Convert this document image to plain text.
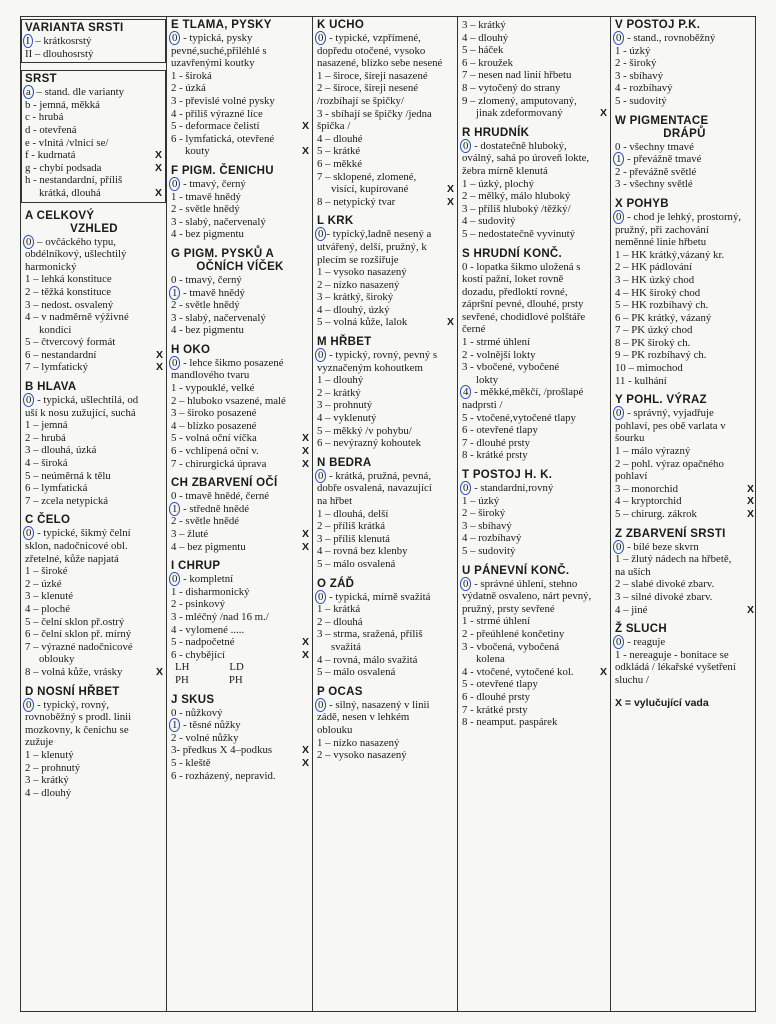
VARIANTA SRSTI
I – krátkosrstý
II – dlouhosrstý
SRST
a – stand. dle varianty
b - jemná, měkká
c - hrubá
d - otevřená
e - vlnitá /vlnicí se/
f - kudrnatá	X
g - chybí podsada	X
h - nestandardní, příliš
krátká, dlouhá	X
A CELKOVÝ
VZHLED
0 – ovčáckého typu, obdélníkový, ušlechtilý harmonický
1 – lehká konstituce
2 – těžká konstituce
3 – nedost. osvalený
4 – v nadměrně výživné
kondici
5 – čtvercový formát
6 – nestandardní	X
7 – lymfatický	X
B HLAVA
0 - typická, ušlechtilá, od uší k nosu zužující, suchá
1 – jemná
2 – hrubá
3 – dlouhá, úzká
4 – široká
5 – neúměrná k tělu
6 – lymfatická
7 – zcela netypická
C ČELO
0 - typické, šikmý čelní sklon, nadočnicové obl. zřetelné, kůže napjatá
1 – široké
2 – úzké
3 – klenuté
4 – ploché
5 – čelní sklon př.ostrý
6 – čelní sklon př. mírný
7 – výrazné nadočnicové
oblouky
8 – volná kůže, vrásky	X
D NOSNÍ HŘBET
0 - typický, rovný, rovnoběžný s prodl. linii mozkovny, k čenichu se zužuje
1 – klenutý
2 – prohnutý
3 – krátký
4 – dlouhý
E TLAMA, PYSKY
0 - typická, pysky pevné,suché,přiléhlé s uzavřenými koutky
1 - široká
2 - úzká
3 - převislé volné pysky
4 - příliš výrazné líce
5 - deformace čelistí	X
6 - lymfatická, otevřené
kouty	X
F PIGM. ČENICHU
0 - tmavý, černý
1 - tmavě hnědý
2 - světle hnědý
3 - slabý, načervenalý
4 - bez pigmentu
G PIGM. PYSKŮ A
OČNÍCH VÍČEK
0 - tmavý, černý
1 - tmavě hnědý
2 - světle hnědý
3 - slabý, načervenalý
4 - bez pigmentu
H OKO
0 - lehce šikmo posazené mandlového tvaru
1 - vypouklé, velké
2 – hluboko vsazené, malé
3 – široko posazené
4 – blízko posazené
5 - volná oční víčka	X
6 - vchlípená oční v.	X
7 - chirurgická úprava	X
CH ZBARVENÍ OČÍ
0 - tmavě hnědé, černé
1 - středně hnědé
2 - světle hnědé
3 – žluté	X
4 – bez pigmentu	X
I CHRUP
0 - kompletní
1 - disharmonický
2 - psinkový
3 - mléčný /nad 16 m./
4 - vylomené .....
5 - nadpočetné	X
6 - chybějící	X
LH	LD
PH	PH
J SKUS
0 - nůžkový
1 - těsné nůžky
2 - volné nůžky
3- předkus X 4–podkus	X
5 - kleště	X
6 - rozházený, nepravid.
K UCHO
0 - typické, vzpřímené, dopředu otočené, vysoko nasazené, blízko sebe nesené
1 – široce, šíreji nasazené
2 – široce, šíreji nesené /rozbíhají se špičky/
3 - sbíhají se špičky /jedna špička /
4 – dlouhé
5 – krátké
6 – měkké
7 – sklopené, zlomené,
visící, kupírované	X
8 – netypický tvar	X
L KRK
0 - typický,ladně nesený a utvářený, delší, pružný, k plecím se rozšiřuje
1 – vysoko nasazený
2 – nízko nasazený
3 – krátký, široký
4 – dlouhý, úzký
5 – volná kůže, lalok	X
M HŘBET
0 - typický, rovný, pevný s vyznačeným kohoutkem
1 – dlouhý
2 – krátký
3 – prohnutý
4 – vyklenutý
5 – měkký /v pohybu/
6 – nevýrazný kohoutek
N BEDRA
0 - krátká, pružná, pevná, dobře osvalená, navazující na hřbet
1 – dlouhá, delší
2 – příliš krátká
3 – příliš klenutá
4 – rovná bez klenby
5 – málo osvalená
O ZÁĎ
0 - typická, mírně svažitá
1 – krátká
2 – dlouhá
3 – strma, sražená, příliš
svažitá
4 – rovná, málo svažitá
5 – málo osvalená
P OCAS
0 - silný, nasazený v linii zádě, nesen v lehkém oblouku
1 – nízko nasazený
2 – vysoko nasazený
3 – krátký
4 – dlouhý
5 – háček
6 – kroužek
7 – nesen nad linií hřbetu
8 – vytočený do strany
9 – zlomený, amputovaný,
jinak zdeformovaný	X
R HRUDNÍK
0 - dostatečně hluboký, oválný, sahá po úroveň lokte, žebra mírně klenutá
1 – úzký, plochý
2 – mělký, málo hluboký
3 – příliš hluboký /těžký/
4 – sudovitý
5 – nedostatečně vyvinutý
S HRUDNÍ KONČ.
0 - lopatka šikmo uložená s kostí pažní, loket rovně dozadu, předloktí rovné, zápršní pevné, dlouhé, prsty sevřené, chodidlové polštáře černé
1 - strmé úhlení
2 - volnější lokty
3 - vbočené, vybočené
lokty
4 - měkké,měkčí, /prošlapé nadprsti /
5 - vtočené,vytočené tlapy
6 - otevřené tlapy
7 - dlouhé prsty
8 - krátké prsty
T POSTOJ H. K.
0 - standardní,rovný
1 – úzký
2 – široký
3 – sbíhavý
4 – rozbíhavý
5 – sudovitý
U PÁNEVNÍ KONČ.
0 - správné úhlení, stehno výdatně osvaleno, nárt pevný, pružný, prsty sevřené
1 - strmé úhlení
2 - přeúhlené končetiny
3 - vbočená, vybočená
kolena
4 - vtočené, vytočené kol.	X
5 - otevřené tlapy
6 - dlouhé prsty
7 - krátké prsty
8 - neamput. paspárek
V POSTOJ P.K.
0 - stand., rovnoběžný
1 - úzký
2 - široký
3 - sbíhavý
4 - rozbíhavý
5 - sudovitý
W PIGMENTACE
DRÁPŮ
0 - všechny tmavé
1 - převážně tmavé
2 - převážně světlé
3 - všechny světlé
X POHYB
0 - chod je lehký, prostorný, pružný, při zachování neměnné linie hřbetu
1 – HK krátký,vázaný kr.
2 – HK pádlování
3 – HK úzký chod
4 – HK široký chod
5 – HK rozbíhavý ch.
6 – PK krátký, vázaný
7 – PK úzký chod
8 – PK široký ch.
9 – PK rozbíhavý ch.
10 – mimochod
11 - kulhání
Y POHL. VÝRAZ
0 - správný, vyjadřuje pohlaví, pes obě varlata v šourku
1 – málo výrazný
2 – pohl. výraz opačného pohlaví
3 – monorchid	X
4 – kryptorchid	X
5 – chirurg. zákrok	X
Z ZBARVENÍ SRSTI
0 - bílé beze skvrn
1 – žlutý nádech na hřbetě, na uších
2 – slabé divoké zbarv.
3 – silné divoké zbarv.
4 – jiné	X
Ž SLUCH
0 - reaguje
1 - nereaguje - bonitace se odkládá / lékařské vyšetření sluchu /
X = vylučující vada
